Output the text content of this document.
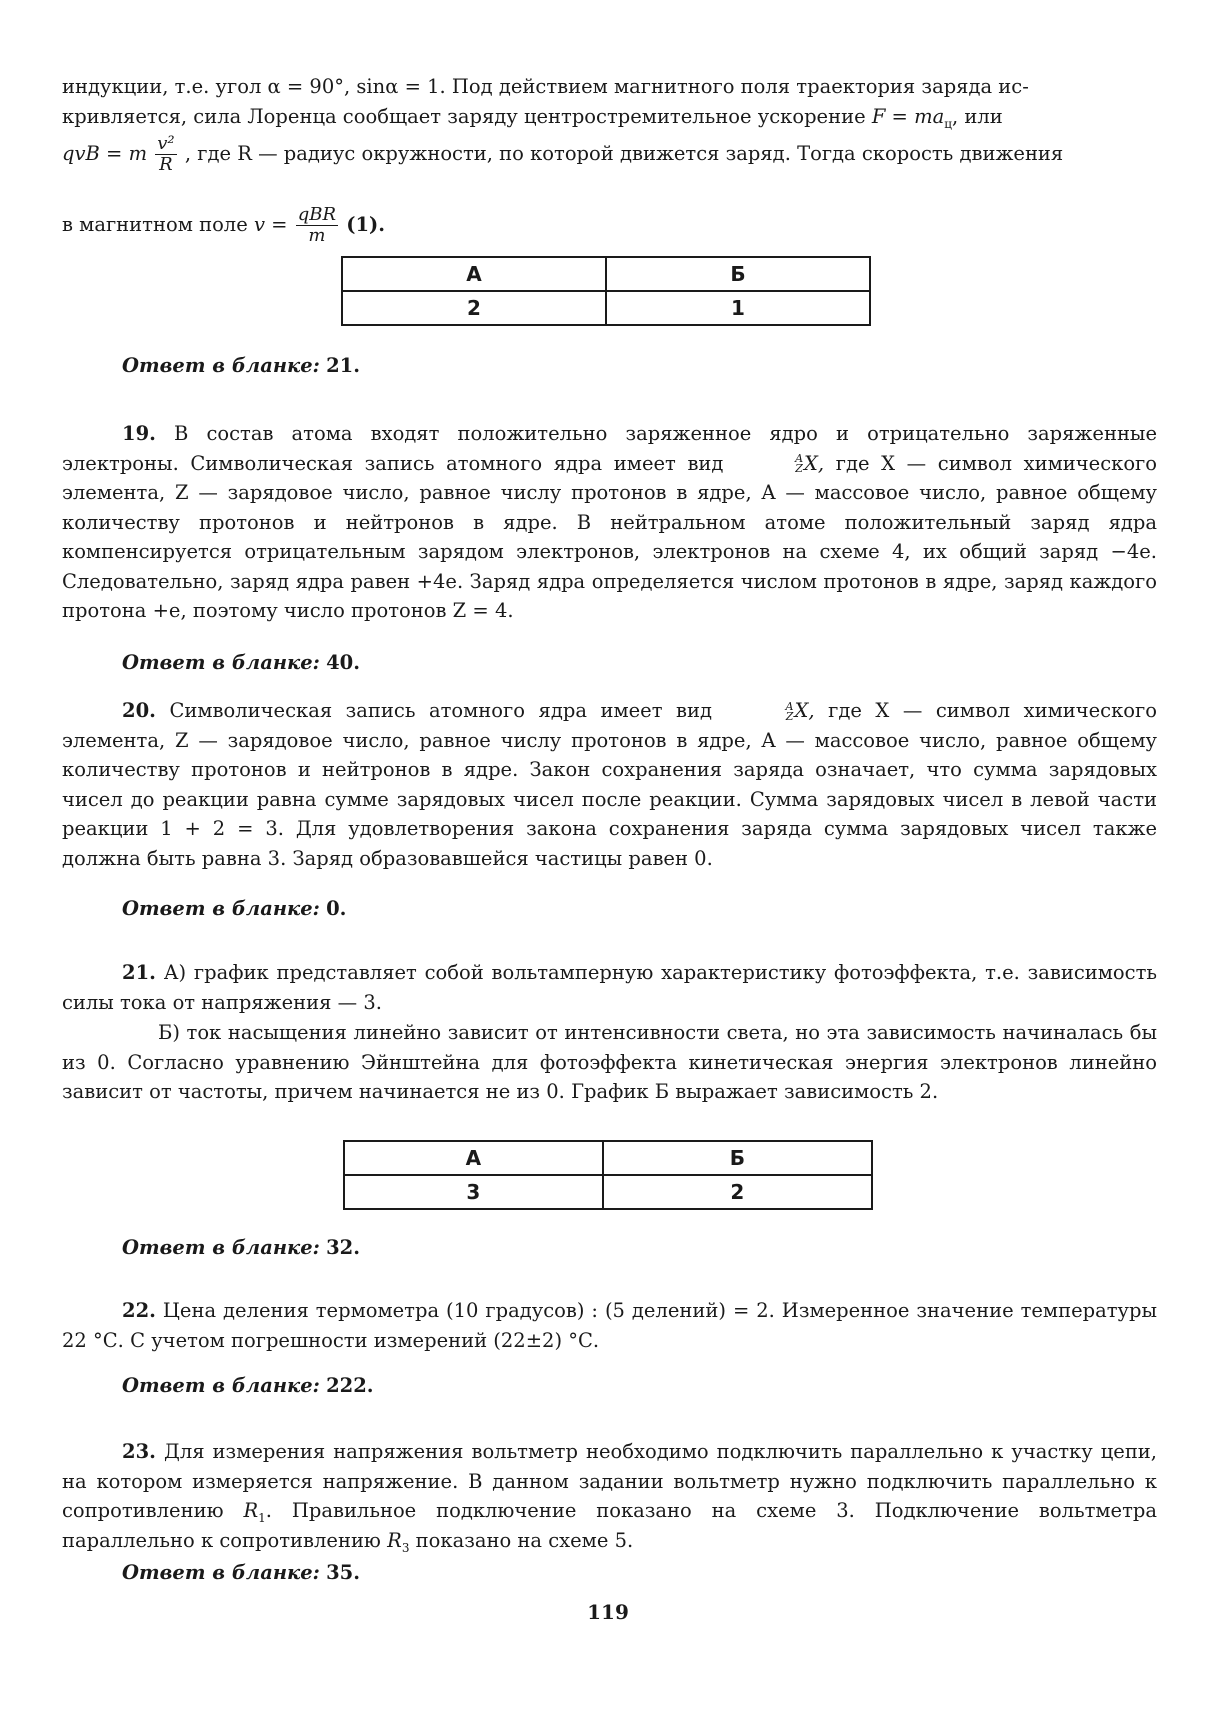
индукции, т.е. угол α = 90°, sinα = 1. Под действием магнитного поля траектория заряда ис-

кривляется, сила Лоренца сообщает заряду центростремительное ускорение $F = ma_ц$, или

qvB = m $\frac{\text{v²}}{R}$ , где R — радиус окружности, по которой движется заряд. Тогда скорость движения

в магнитном поле $v = \frac{\text{qBR}}{m} (1)$.

А	Б
2	1
Ответ в бланке: 21.

19. В состав атома входят положительно заряженное ядро и отрицательно заряженные электроны. Символическая запись атомного ядра имеет вид	A
Z X, где X — символ химического элемента, Z — зарядовое число, равное числу протонов в ядре, A — массовое число, равное общему количеству протонов и нейтронов в ядре. В нейтральном атоме положительный заряд ядра компенсируется отрицательным зарядом электронов, электронов на схеме 4, их общий заряд −4e. Следовательно, заряд ядра равен +4e. Заряд ядра определяется числом протонов в ядре, заряд каждого протона +e, поэтому число протонов Z = 4.

Ответ в бланке: 40.

20. Символическая запись атомного ядра имеет вид	A
Z X, где X — символ химического элемента, Z — зарядовое число, равное числу протонов в ядре, A — массовое число, равное общему количеству протонов и нейтронов в ядре. Закон сохранения заряда означает, что сумма зарядовых чисел до реакции равна сумме зарядовых чисел после реакции. Сумма зарядовых чисел в левой части реакции 1 + 2 = 3. Для удовлетворения закона сохранения заряда сумма зарядовых чисел также должна быть равна 3. Заряд образовавшейся частицы равен 0.

Ответ в бланке: 0.

21. А) график представляет собой вольтамперную характеристику фотоэффекта, т.е. зависимость силы тока от напряжения — 3.

Б) ток насыщения линейно зависит от интенсивности света, но эта зависимость начиналась бы из 0. Согласно уравнению Эйнштейна для фотоэффекта кинетическая энергия электронов линейно зависит от частоты, причем начинается не из 0. График Б выражает зависимость 2.

А	Б
3	2
Ответ в бланке: 32.

22. Цена деления термометра (10 градусов) : (5 делений) = 2. Измеренное значение температуры 22 °С. С учетом погрешности измерений (22±2) °С.

Ответ в бланке: 222.

23. Для измерения напряжения вольтметр необходимо подключить параллельно к участку цепи, на котором измеряется напряжение. В данном задании вольтметр нужно подключить параллельно к сопротивлению $R_1$. Правильное подключение показано на схеме 3. Подключение вольтметра параллельно к сопротивлению $R_3$ показано на схеме 5.

Ответ в бланке: 35.
119
